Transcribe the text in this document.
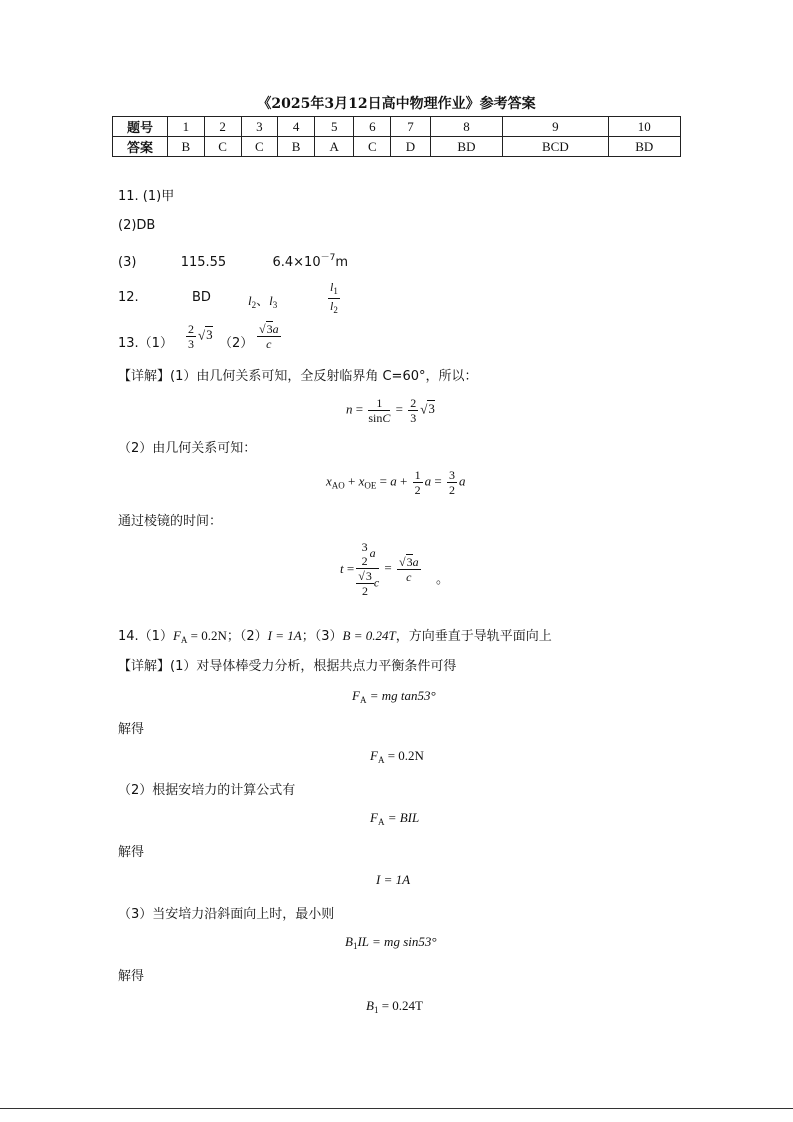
《2025年3月12日高中物理作业》参考答案
题号	1	2	3	4	5	6	7	8	9	10
答案	B	C	C	B	A	C	D	BD	BCD	BD
11. (1)甲
(2)DB
(3)	115.55	$6.4\times 10^{-7}m$
12.	BD	$l_2$、$l_3$	$\frac{l_1}{l_2}$
$13.(1) \frac{2}{3} √3$
$(2) \frac{√3a}{c}$
【详解】(1）由几何关系可知，全反射临界角 C=60°，所以：
$n = \frac{1}{\sin C} = \frac{2}{3} √3$
（2）由几何关系可知：
$x_{AO} + x_{OE} = a + \frac{1}{2}$ $a = \frac{3}{2}$ a
通过棱镜的时间：
t = 3
2
a
$\frac{√3}{2}$ $c = \frac{√3a}{c}$ 。
$14.(1)F_A = 0.2N$；（2）I = 1A；（3）B = 0.24T，方向垂直于导轨平面向上
【详解】(1）对导体棒受力分析，根据共点力平衡条件可得
$F_A$ = mg tan53°
解得
$F_A = 0.2N$
（2）根据安培力的计算公式有
$F_A$ = BIL
解得
I = 1A
（3）当安培力沿斜面向上时，最小则
$B_1IL$ = mg sin53°
解得
$B_1 = 0.24T$
